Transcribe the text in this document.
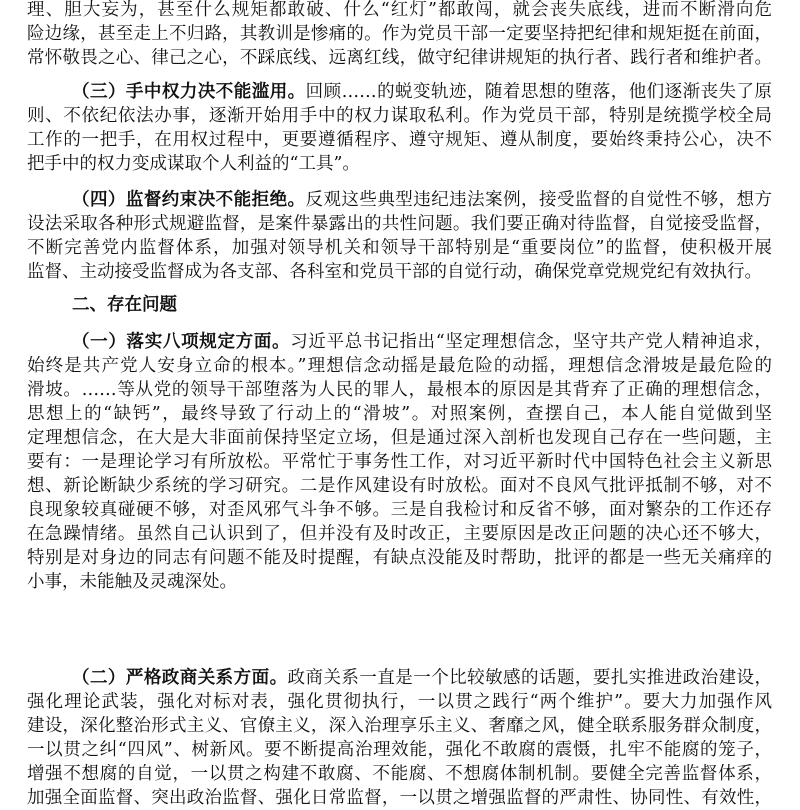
理、胆大妄为，甚至什么规矩都敢破、什么“红灯”都敢闯，就会丧失底线，进而不断滑向危
险边缘，甚至走上不归路，其教训是惨痛的。作为党员干部一定要坚持把纪律和规矩挺在前面，
常怀敬畏之心、律己之心，不踩底线、远离红线，做守纪律讲规矩的执行者、践行者和维护者。
（三）手中权力决不能滥用。回顾……的蜕变轨迹，随着思想的堕落，他们逐渐丧失了原
则、不依纪依法办事，逐渐开始用手中的权力谋取私利。作为党员干部，特别是统揽学校全局
工作的一把手，在用权过程中，更要遵循程序、遵守规矩、遵从制度，要始终秉持公心，决不
把手中的权力变成谋取个人利益的“工具”。
（四）监督约束决不能拒绝。反观这些典型违纪违法案例，接受监督的自觉性不够，想方
设法采取各种形式规避监督，是案件暴露出的共性问题。我们要正确对待监督，自觉接受监督，
不断完善党内监督体系，加强对领导机关和领导干部特别是“重要岗位”的监督，使积极开展
监督、主动接受监督成为各支部、各科室和党员干部的自觉行动，确保党章党规党纪有效执行。
二、存在问题
（一）落实八项规定方面。习近平总书记指出“坚定理想信念，坚守共产党人精神追求，
始终是共产党人安身立命的根本。”理想信念动摇是最危险的动摇，理想信念滑坡是最危险的
滑坡。……等从党的领导干部堕落为人民的罪人，最根本的原因是其背弃了正确的理想信念，
思想上的“缺钙”，最终导致了行动上的“滑坡”。对照案例，查摆自己，本人能自觉做到坚
定理想信念，在大是大非面前保持坚定立场，但是通过深入剖析也发现自己存在一些问题，主
要有：一是理论学习有所放松。平常忙于事务性工作，对习近平新时代中国特色社会主义新思
想、新论断缺少系统的学习研究。二是作风建设有时放松。面对不良风气批评抵制不够，对不
良现象较真碰硬不够，对歪风邪气斗争不够。三是自我检讨和反省不够，面对繁杂的工作还存
在急躁情绪。虽然自己认识到了，但并没有及时改正，主要原因是改正问题的决心还不够大，
特别是对身边的同志有问题不能及时提醒，有缺点没能及时帮助，批评的都是一些无关痛痒的
小事，未能触及灵魂深处。
（二）严格政商关系方面。政商关系一直是一个比较敏感的话题，要扎实推进政治建设，
强化理论武装，强化对标对表，强化贯彻执行，一以贯之践行“两个维护”。要大力加强作风
建设，深化整治形式主义、官僚主义，深入治理享乐主义、奢靡之风，健全联系服务群众制度，
一以贯之纠“四风”、树新风。要不断提高治理效能，强化不敢腐的震慑，扎牢不能腐的笼子，
增强不想腐的自觉，一以贯之构建不敢腐、不能腐、不想腐体制机制。要健全完善监督体系，
加强全面监督、突出政治监督、强化日常监督，一以贯之增强监督的严肃性、协同性、有效性，
